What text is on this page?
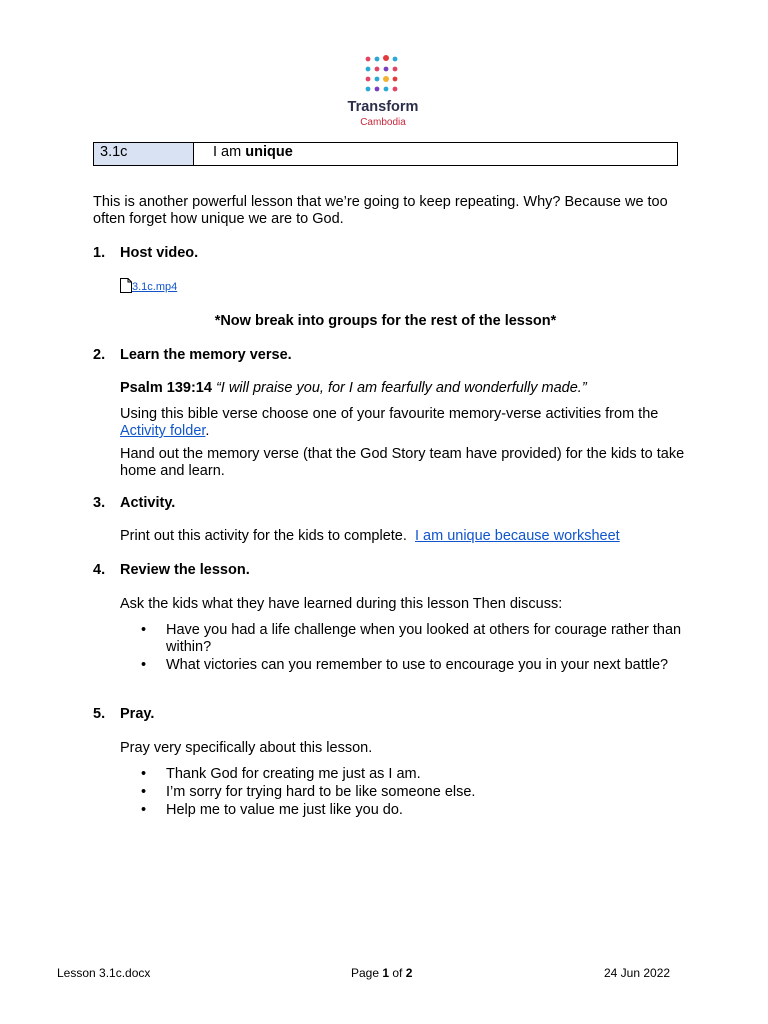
Transform
Cambodia
3.1c	I am unique
This is another powerful lesson that we’re going to keep repeating. Why? Because we too often forget how unique we are to God.
1. Host video.
3.1c.mp4
*Now break into groups for the rest of the lesson*
2. Learn the memory verse.
Psalm 139:14 “I will praise you, for I am fearfully and wonderfully made.”
Using this bible verse choose one of your favourite memory-verse activities from the Activity folder.
Hand out the memory verse (that the God Story team have provided) for the kids to take home and learn.
3. Activity.
Print out this activity for the kids to complete. I am unique because worksheet
4. Review the lesson.
Ask the kids what they have learned during this lesson Then discuss:
• Have you had a life challenge when you looked at others for courage rather than within?
• What victories can you remember to use to encourage you in your next battle?
5. Pray.
Pray very specifically about this lesson.
• Thank God for creating me just as I am.
• I’m sorry for trying hard to be like someone else.
• Help me to value me just like you do.
Lesson 3.1c.docx	Page 1 of 2	24 Jun 2022
